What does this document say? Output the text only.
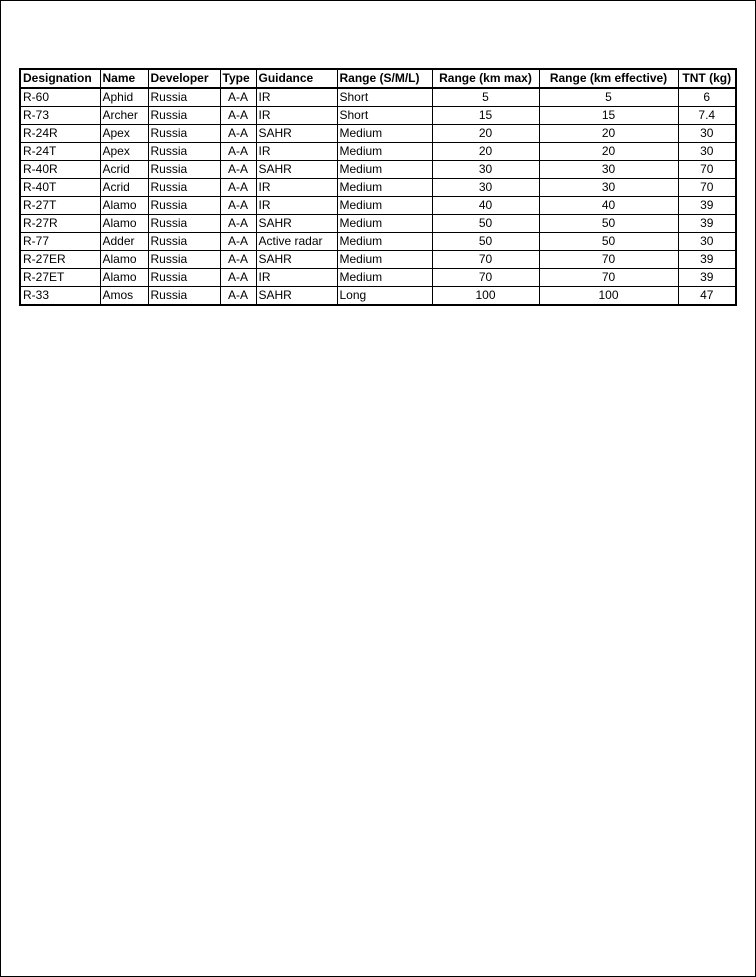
Designation	Name	Developer	Type	Guidance	Range (S/M/L)	Range (km max)	Range (km effective)	TNT (kg)
R-60	Aphid	Russia	A-A	IR	Short	5	5	6
R-73	Archer	Russia	A-A	IR	Short	15	15	7.4
R-24R	Apex	Russia	A-A	SAHR	Medium	20	20	30
R-24T	Apex	Russia	A-A	IR	Medium	20	20	30
R-40R	Acrid	Russia	A-A	SAHR	Medium	30	30	70
R-40T	Acrid	Russia	A-A	IR	Medium	30	30	70
R-27T	Alamo	Russia	A-A	IR	Medium	40	40	39
R-27R	Alamo	Russia	A-A	SAHR	Medium	50	50	39
R-77	Adder	Russia	A-A	Active radar	Medium	50	50	30
R-27ER	Alamo	Russia	A-A	SAHR	Medium	70	70	39
R-27ET	Alamo	Russia	A-A	IR	Medium	70	70	39
R-33	Amos	Russia	A-A	SAHR	Long	100	100	47
